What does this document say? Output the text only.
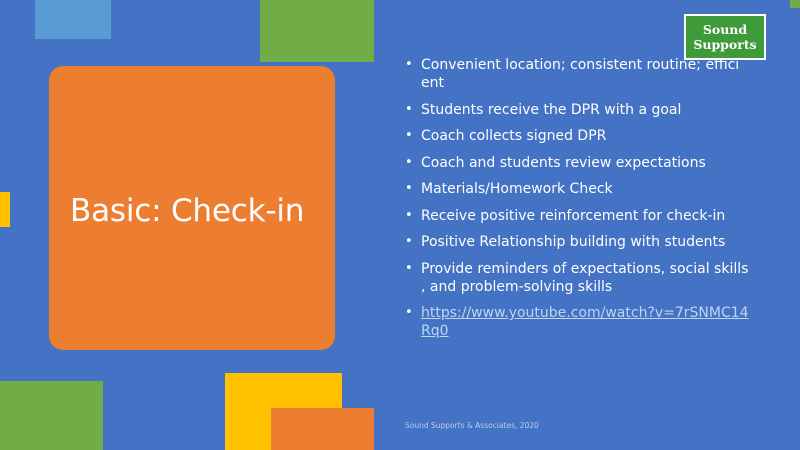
Basic: Check-in
Sound
Supports
• Convenient location; consistent routine; effici ent
• Students receive the DPR with a goal
• Coach collects signed DPR
• Coach and students review expectations
• Materials/Homework Check
• Receive positive reinforcement for check-in
• Positive Relationship building with students
• Provide reminders of expectations, social skills , and problem-solving skills
• https://www.youtube.com/watch?v=7rSNMC14Rq0
Sound Supports & Associates, 2020
